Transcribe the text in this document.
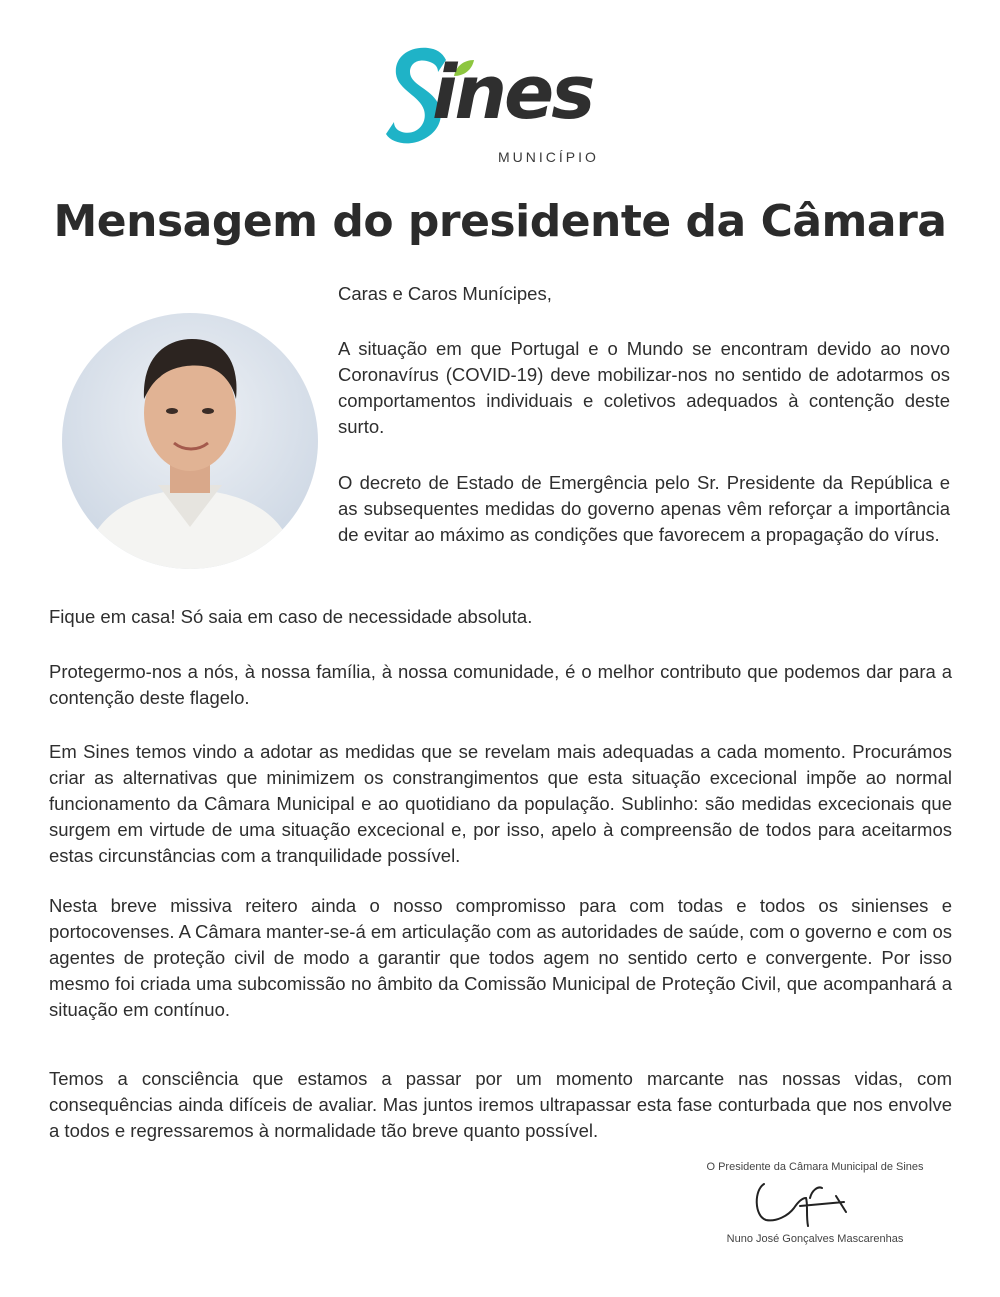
ines
MUNICÍPIO
Mensagem do presidente da Câmara

Caras e Caros Munícipes,

A situação em que Portugal e o Mundo se encontram devido ao novo Coronavírus (COVID-19) deve mobilizar-nos no sentido de adotarmos os comportamentos individuais e coletivos adequados à contenção deste surto.

O decreto de Estado de Emergência pelo Sr. Presidente da República e as subsequentes medidas do governo apenas vêm reforçar a importância de evitar ao máximo as condições que favorecem a propagação do vírus.

Fique em casa! Só saia em caso de necessidade absoluta.

Protegermo-nos a nós, à nossa família, à nossa comunidade, é o melhor contributo que podemos dar para a contenção deste flagelo.

Em Sines temos vindo a adotar as medidas que se revelam mais adequadas a cada momento. Procurámos criar as alternativas que minimizem os constrangimentos que esta situação excecional impõe ao normal funcionamento da Câmara Municipal e ao quotidiano da população. Sublinho: são medidas excecionais que surgem em virtude de uma situação excecional e, por isso, apelo à compreensão de todos para aceitarmos estas circunstâncias com a tranquilidade possível.

Nesta breve missiva reitero ainda o nosso compromisso para com todas e todos os sinienses e portocovenses. A Câmara manter-se-á em articulação com as autoridades de saúde, com o governo e com os agentes de proteção civil de modo a garantir que todos agem no sentido certo e convergente. Por isso mesmo foi criada uma subcomissão no âmbito da Comissão Municipal de Proteção Civil, que acompanhará a situação em contínuo.

Temos a consciência que estamos a passar por um momento marcante nas nossas vidas, com consequências ainda difíceis de avaliar. Mas juntos iremos ultrapassar esta fase conturbada que nos envolve a todos e regressaremos à normalidade tão breve quanto possível.

O Presidente da Câmara Municipal de Sines
Nuno José Gonçalves Mascarenhas
